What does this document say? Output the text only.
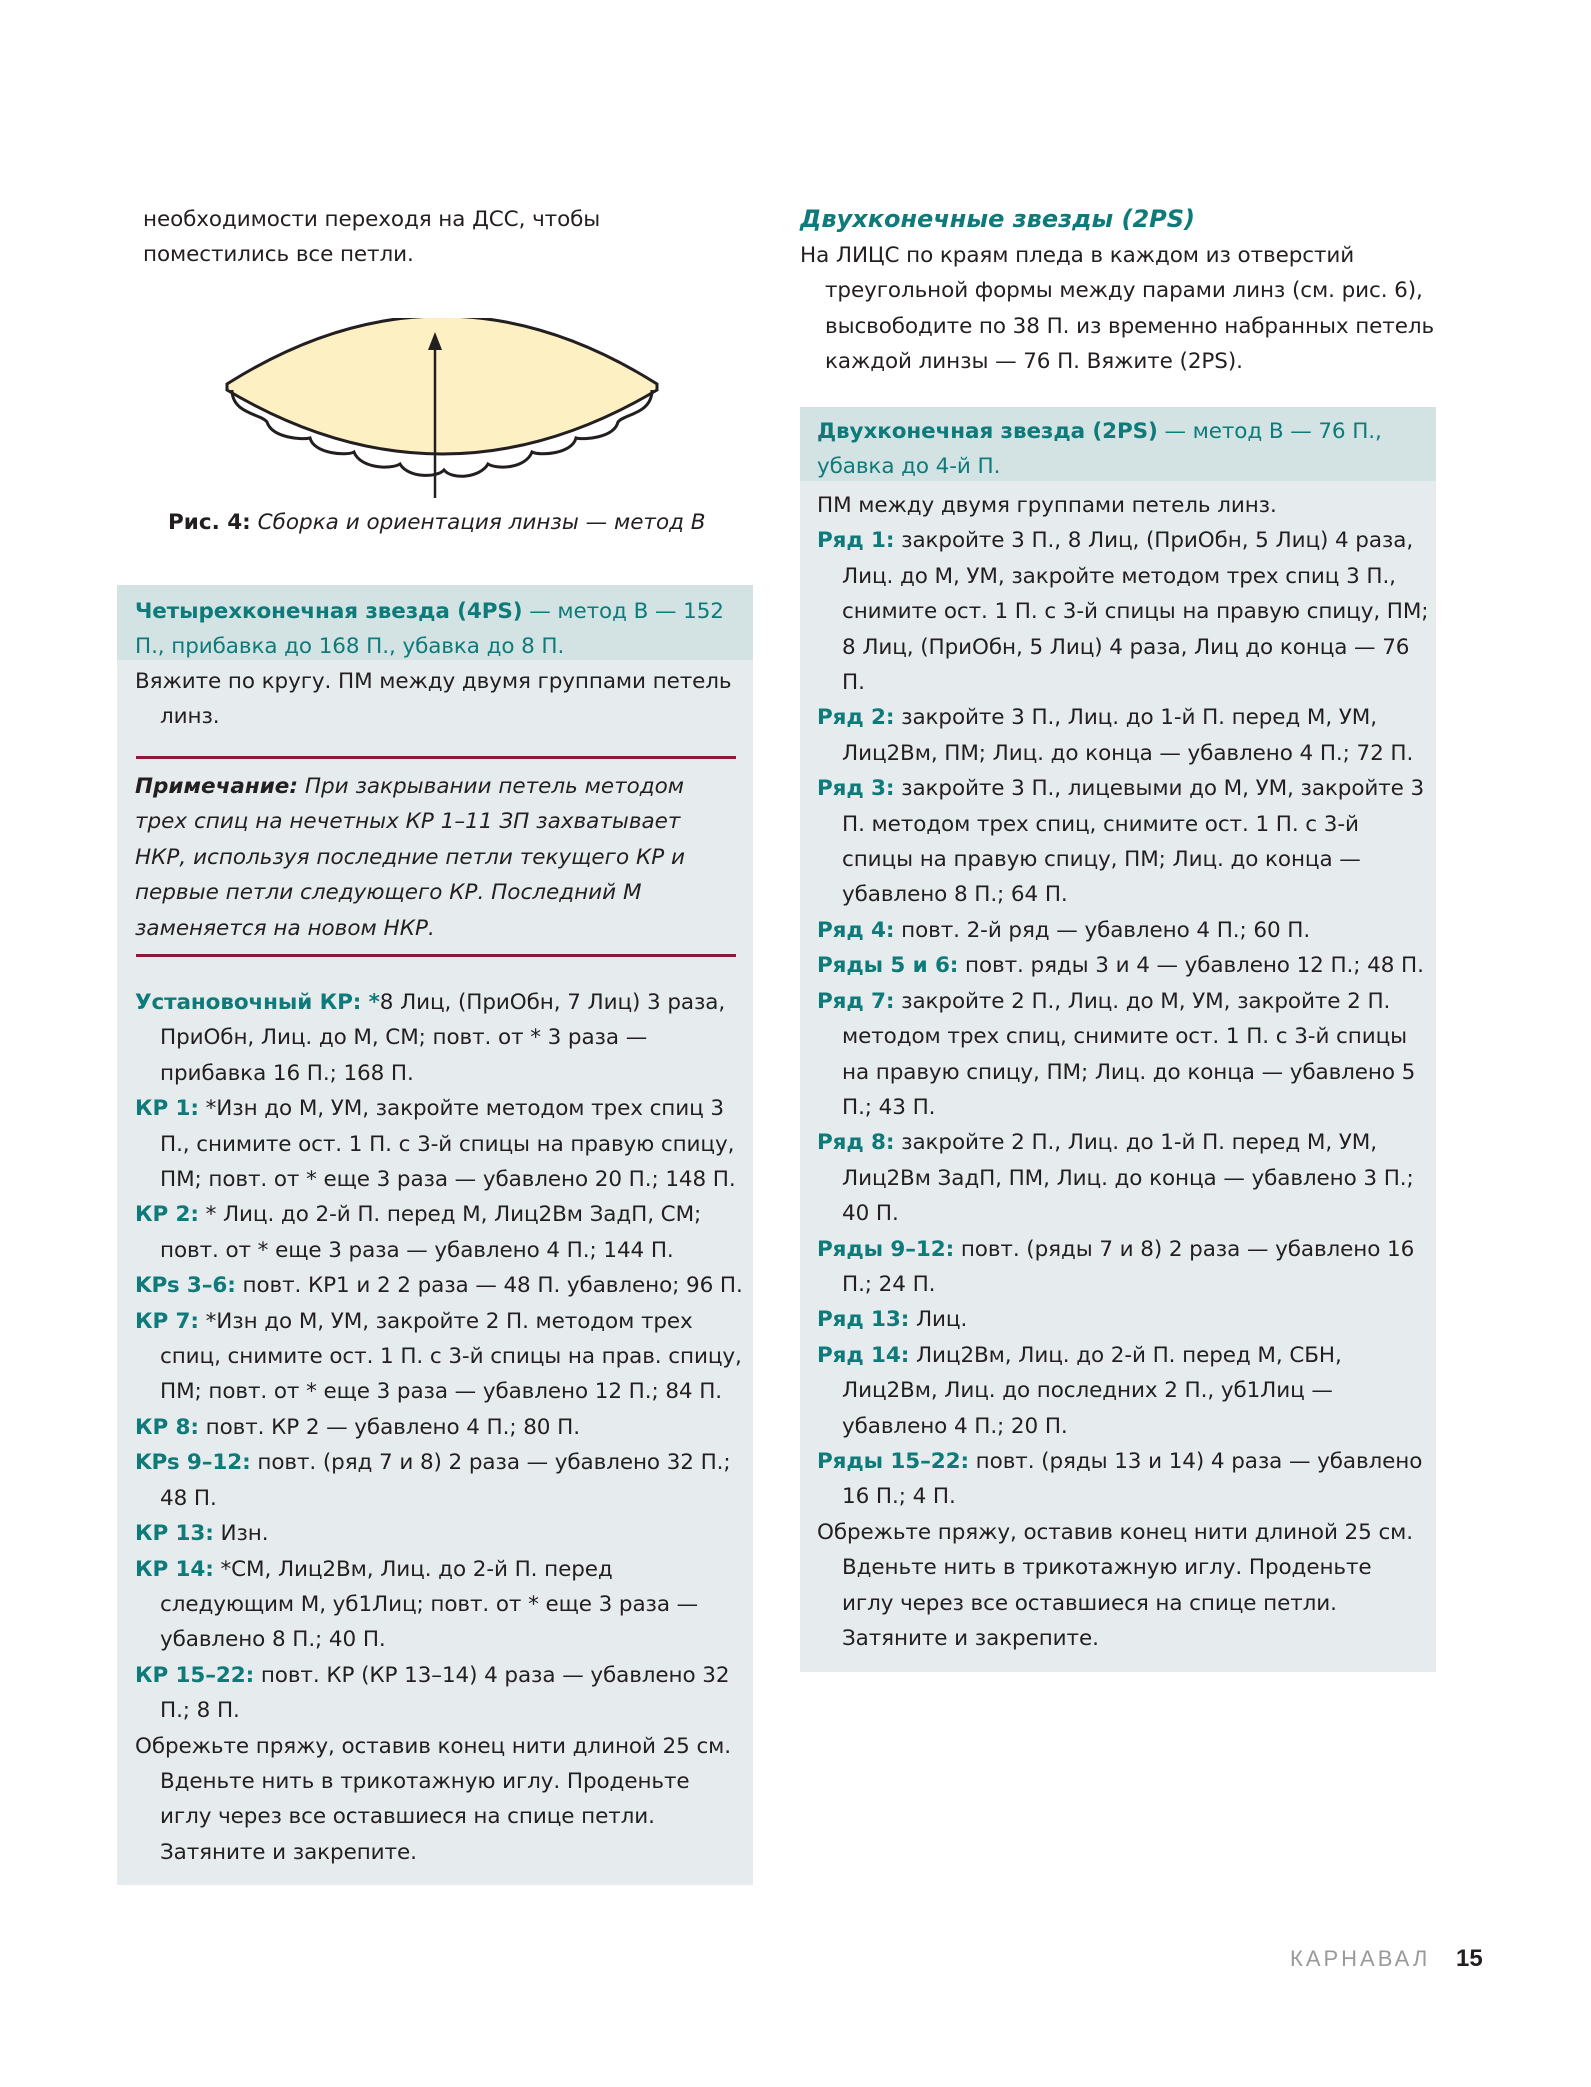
необходимости переходя на ДСС, чтобы поместились все петли.

Рис. 4: Сборка и ориентация линзы — метод B
Четырехконечная звезда (4PS) — метод B — 152 П., прибавка до 168 П., убавка до 8 П.

Вяжите по кругу. ПМ между двумя группами петель линз.

Примечание: При закрывании петель методом трех спиц на нечетных КР 1–11 ЗП захватывает НКР, используя последние петли текущего КР и первые петли следующего КР. Последний М заменяется на новом НКР.

Установочный КР: *8 Лиц, (ПриОбн, 7 Лиц) 3 раза, ПриОбн, Лиц. до М, СМ; повт. от * 3 раза — прибавка 16 П.; 168 П.

КР 1: *Изн до М, УМ, закройте методом трех спиц 3 П., снимите ост. 1 П. с 3-й спицы на правую спицу, ПМ; повт. от * еще 3 раза — убавлено 20 П.; 148 П.

КР 2: * Лиц. до 2-й П. перед М, Лиц2Вм ЗадП, СМ; повт. от * еще 3 раза — убавлено 4 П.; 144 П.

KPs 3–6: повт. КР1 и 2 2 раза — 48 П. убавлено; 96 П.

КР 7: *Изн до М, УМ, закройте 2 П. методом трех спиц, снимите ост. 1 П. с 3-й спицы на прав. спицу, ПМ; повт. от * еще 3 раза — убавлено 12 П.; 84 П.

КР 8: повт. КР 2 — убавлено 4 П.; 80 П.

KPs 9–12: повт. (ряд 7 и 8) 2 раза — убавлено 32 П.; 48 П.

КР 13: Изн.

КР 14: *СМ, Лиц2Вм, Лиц. до 2-й П. перед следующим М, уб1Лиц; повт. от * еще 3 раза — убавлено 8 П.; 40 П.

КР 15–22: повт. КР (КР 13–14) 4 раза — убавлено 32 П.; 8 П.

Обрежьте пряжу, оставив конец нити длиной 25 см. Вденьте нить в трикотажную иглу. Проденьте иглу через все оставшиеся на спице петли. Затяните и закрепите.

Двухконечные звезды (2PS)

На ЛИЦС по краям пледа в каждом из отверстий треугольной формы между парами линз (см. рис. 6), высвободите по 38 П. из временно набранных петель каждой линзы — 76 П. Вяжите (2PS).

Двухконечная звезда (2PS) — метод B — 76 П., убавка до 4-й П.

ПМ между двумя группами петель линз.

Ряд 1: закройте 3 П., 8 Лиц, (ПриОбн, 5 Лиц) 4 раза, Лиц. до М, УМ, закройте методом трех спиц 3 П., снимите ост. 1 П. с 3-й спицы на правую спицу, ПМ; 8 Лиц, (ПриОбн, 5 Лиц) 4 раза, Лиц до конца — 76 П.

Ряд 2: закройте 3 П., Лиц. до 1-й П. перед М, УМ, Лиц2Вм, ПМ; Лиц. до конца — убавлено 4 П.; 72 П.

Ряд 3: закройте 3 П., лицевыми до М, УМ, закройте 3 П. методом трех спиц, снимите ост. 1 П. с 3-й спицы на правую спицу, ПМ; Лиц. до конца — убавлено 8 П.; 64 П.

Ряд 4: повт. 2-й ряд — убавлено 4 П.; 60 П.

Ряды 5 и 6: повт. ряды 3 и 4 — убавлено 12 П.; 48 П.

Ряд 7: закройте 2 П., Лиц. до М, УМ, закройте 2 П. методом трех спиц, снимите ост. 1 П. с 3-й спицы на правую спицу, ПМ; Лиц. до конца — убавлено 5 П.; 43 П.

Ряд 8: закройте 2 П., Лиц. до 1-й П. перед М, УМ, Лиц2Вм ЗадП, ПМ, Лиц. до конца — убавлено 3 П.; 40 П.

Ряды 9–12: повт. (ряды 7 и 8) 2 раза — убавлено 16 П.; 24 П.

Ряд 13: Лиц.

Ряд 14: Лиц2Вм, Лиц. до 2-й П. перед М, СБН, Лиц2Вм, Лиц. до последних 2 П., уб1Лиц — убавлено 4 П.; 20 П.

Ряды 15–22: повт. (ряды 13 и 14) 4 раза — убавлено 16 П.; 4 П.

Обрежьте пряжу, оставив конец нити длиной 25 см. Вденьте нить в трикотажную иглу. Проденьте иглу через все оставшиеся на спице петли. Затяните и закрепите.

КАРНАВАЛ 15
